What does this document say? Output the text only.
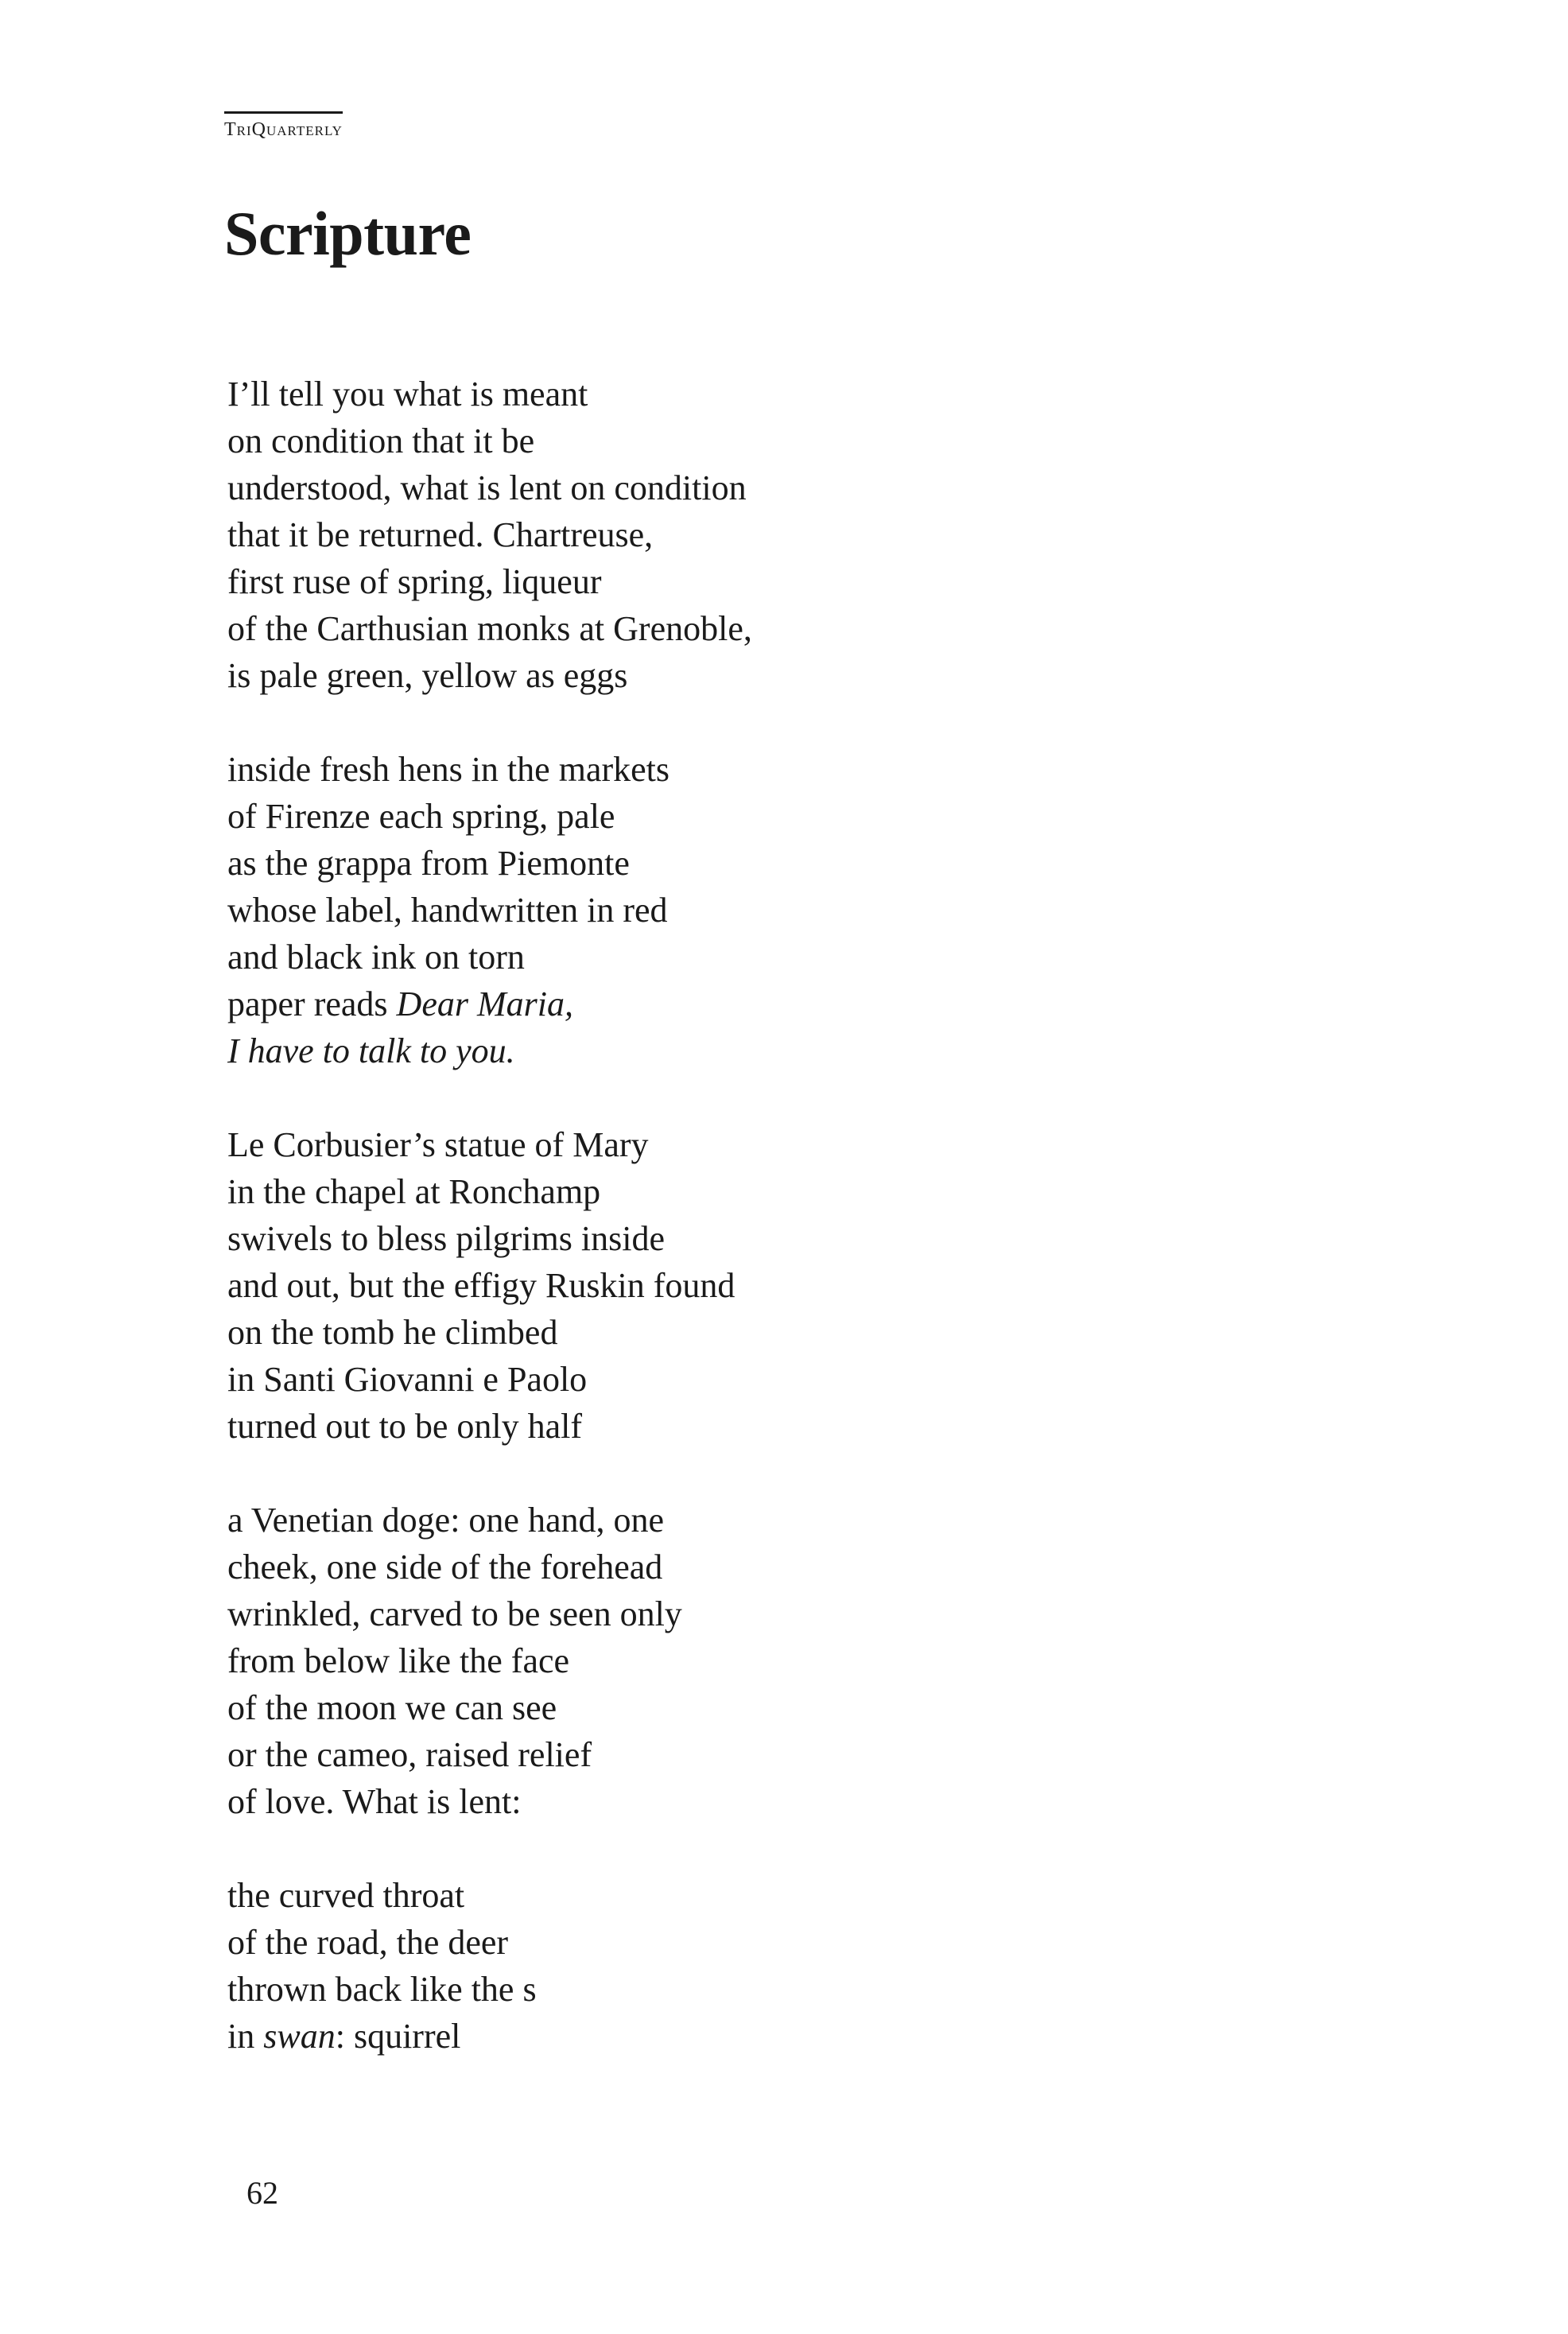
TriQuarterly
Scripture
I’ll tell you what is meant
on condition that it be
understood, what is lent on condition
that it be returned. Chartreuse,
first ruse of spring, liqueur
of the Carthusian monks at Grenoble,
is pale green, yellow as eggs
inside fresh hens in the markets
of Firenze each spring, pale
as the grappa from Piemonte
whose label, handwritten in red
and black ink on torn
paper reads Dear Maria,
I have to talk to you.
Le Corbusier’s statue of Mary
in the chapel at Ronchamp
swivels to bless pilgrims inside
and out, but the effigy Ruskin found
on the tomb he climbed
in Santi Giovanni e Paolo
turned out to be only half
a Venetian doge: one hand, one
cheek, one side of the forehead
wrinkled, carved to be seen only
from below like the face
of the moon we can see
or the cameo, raised relief
of love. What is lent:
the curved throat
of the road, the deer
thrown back like the s
in swan: squirrel
62
